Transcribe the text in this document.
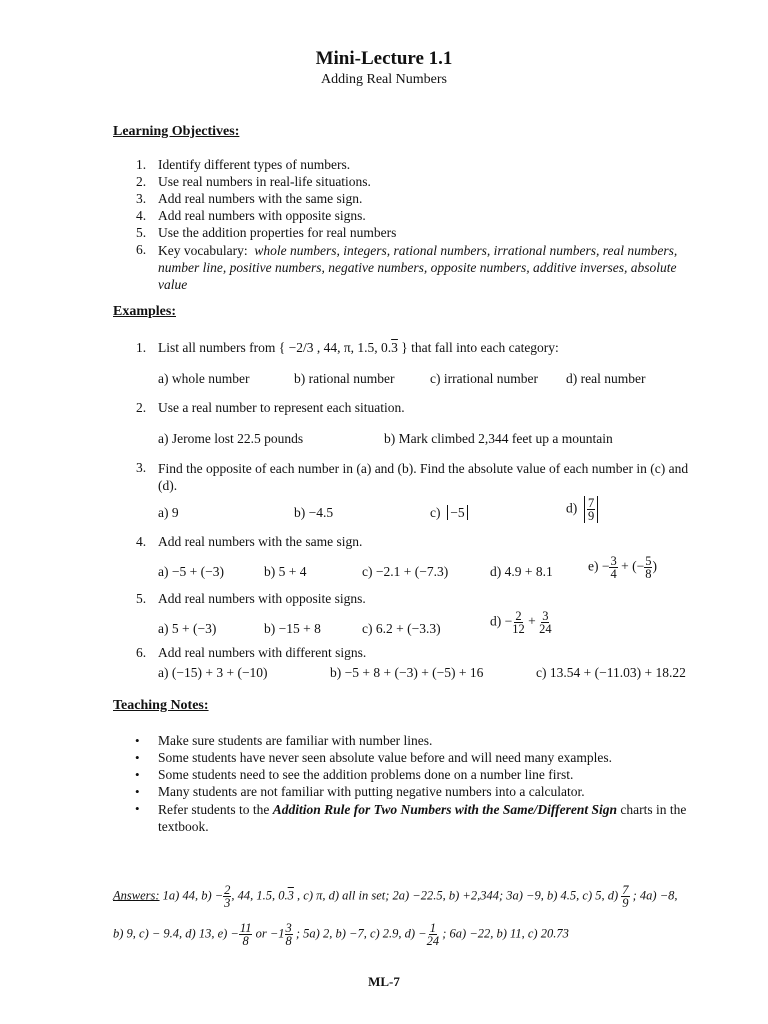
Mini-Lecture 1.1
Adding Real Numbers
Learning Objectives:
1. Identify different types of numbers.
2. Use real numbers in real-life situations.
3. Add real numbers with the same sign.
4. Add real numbers with opposite signs.
5. Use the addition properties for real numbers
6. Key vocabulary: whole numbers, integers, rational numbers, irrational numbers, real numbers, number line, positive numbers, negative numbers, opposite numbers, additive inverses, absolute value
Examples:
1. List all numbers from { −2/3 , 44, π, 1.5, 0.3 } that fall into each category:
a) whole number	b) rational number	c) irrational number d) real number
2. Use a real number to represent each situation.
a) Jerome lost 22.5 pounds	b) Mark climbed 2,344 feet up a mountain
3. Find the opposite of each number in (a) and (b). Find the absolute value of each number in (c) and (d).
a) 9	b) −4.5	c) −5	$d) \frac{7}{9}$
4. Add real numbers with the same sign.
a) −5 + (−3)	b) 5 + 4	c) −2.1 + (−7.3)	d) 4.9 + 8.1	$e) - \frac{3}{4}$ + (− $\frac{5}{8}$ )
5. Add real numbers with opposite signs.
a) 5 + (−3)	b) −15 + 8	c) 6.2 + (−3.3)	$d) - \frac{2}{12} + \frac{3}{24}$
6. Add real numbers with different signs.
a) (−15) + 3 + (−10)	b) −5 + 8 + (−3) + (−5) + 16	c) 13.54 + (−11.03) + 18.22
Teaching Notes:
• Make sure students are familiar with number lines.
• Some students have never seen absolute value before and will need many examples.
• Some students need to see the addition problems done on a number line first.
• Many students are not familiar with putting negative numbers into a calculator.
• Refer students to the Addition Rule for Two Numbers with the Same/Different Sign charts in the textbook.
Answers: 1a) 44, $b) - \frac{2}{3}$ , 44, 1.5, 0.3 , c) π, d) all in set; 2a) −22.5, b) +2,344; 3a) −9, b) 4.5, c) 5, $d) \frac{7}{9}$ ; 4a) −8,
b) 9, c) − 9.4, d) 13, $e) - \frac{11}{8}$ or $-1 \frac{3}{8}$ ; 5a) 2, b) −7, c) 2.9, $d) - \frac{1}{24}$ ; 6a) −22, b) 11, c) 20.73
ML-7
